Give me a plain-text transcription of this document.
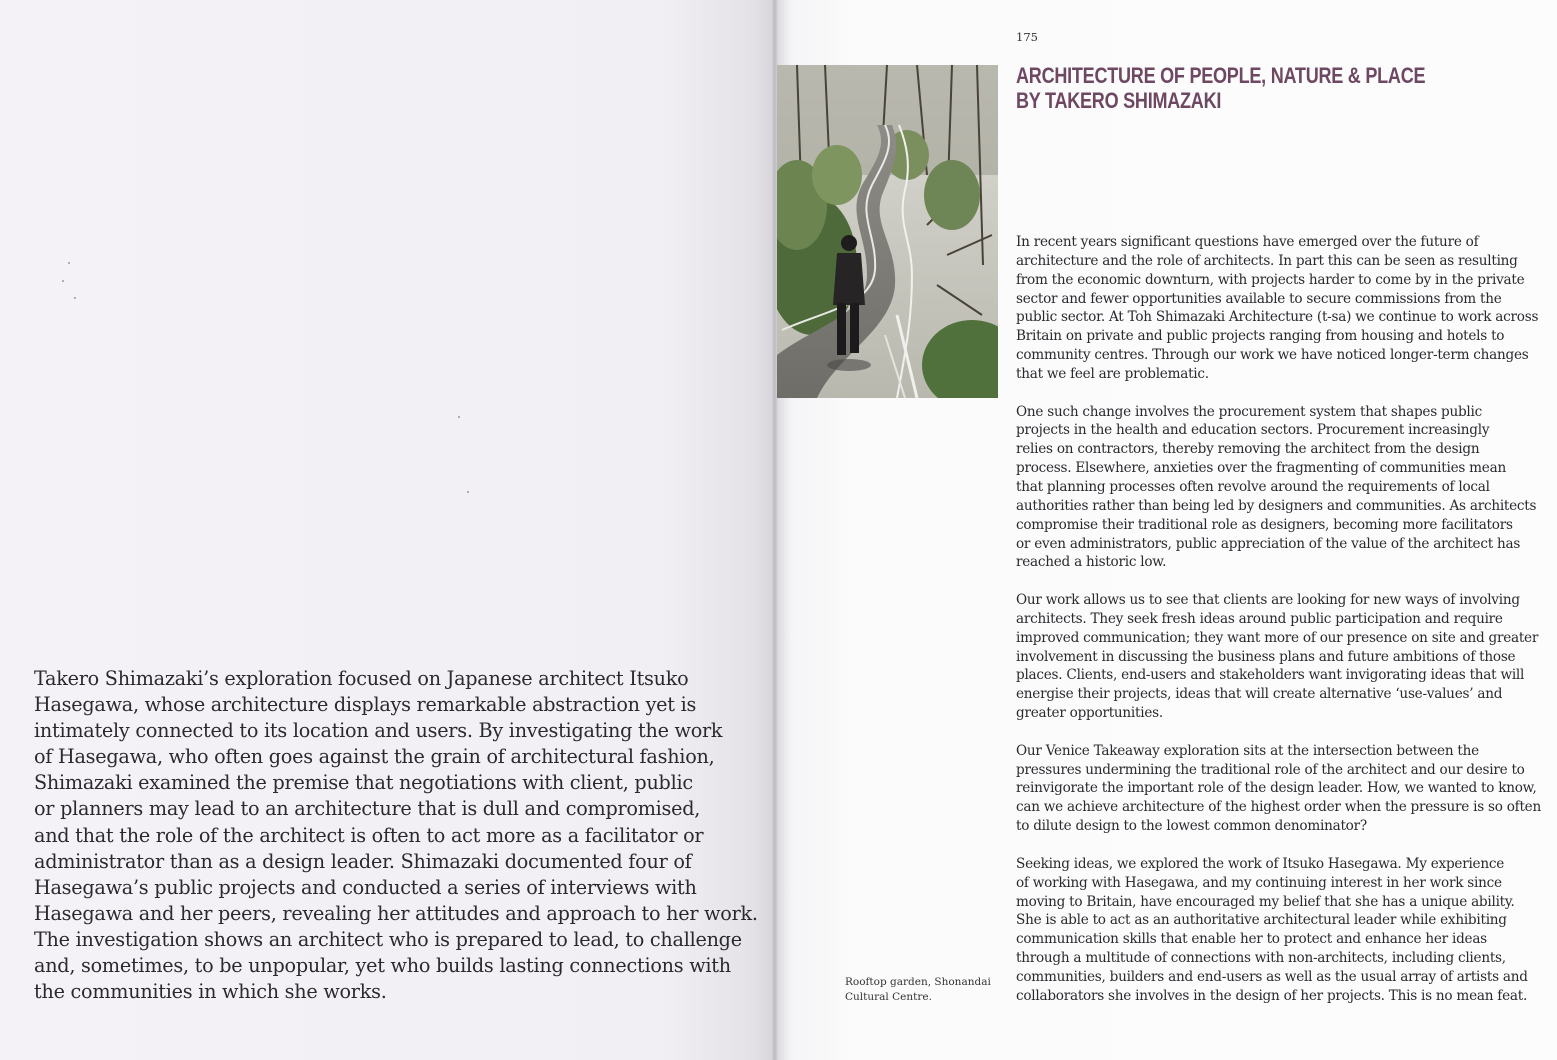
Takero Shimazaki’s exploration focused on Japanese architect Itsuko
Hasegawa, whose architecture displays remarkable abstraction yet is
intimately connected to its location and users. By investigating the work
of Hasegawa, who often goes against the grain of architectural fashion,
Shimazaki examined the premise that negotiations with client, public
or planners may lead to an architecture that is dull and compromised,
and that the role of the architect is often to act more as a facilitator or
administrator than as a design leader. Shimazaki documented four of
Hasegawa’s public projects and conducted a series of interviews with
Hasegawa and her peers, revealing her attitudes and approach to her work.
The investigation shows an architect who is prepared to lead, to challenge
and, sometimes, to be unpopular, yet who builds lasting connections with
the communities in which she works.
175
ARCHITECTURE OF PEOPLE, NATURE & PLACE
BY TAKERO SHIMAZAKI
Rooftop garden, Shonandai
Cultural Centre.

In recent years significant questions have emerged over the future of
architecture and the role of architects. In part this can be seen as resulting
from the economic downturn, with projects harder to come by in the private
sector and fewer opportunities available to secure commissions from the
public sector. At Toh Shimazaki Architecture (t-sa) we continue to work across
Britain on private and public projects ranging from housing and hotels to
community centres. Through our work we have noticed longer-term changes
that we feel are problematic.

One such change involves the procurement system that shapes public
projects in the health and education sectors. Procurement increasingly
relies on contractors, thereby removing the architect from the design
process. Elsewhere, anxieties over the fragmenting of communities mean
that planning processes often revolve around the requirements of local
authorities rather than being led by designers and communities. As architects
compromise their traditional role as designers, becoming more facilitators
or even administrators, public appreciation of the value of the architect has
reached a historic low.

Our work allows us to see that clients are looking for new ways of involving
architects. They seek fresh ideas around public participation and require
improved communication; they want more of our presence on site and greater
involvement in discussing the business plans and future ambitions of those
places. Clients, end-users and stakeholders want invigorating ideas that will
energise their projects, ideas that will create alternative ‘use-values’ and
greater opportunities.

Our Venice Takeaway exploration sits at the intersection between the
pressures undermining the traditional role of the architect and our desire to
reinvigorate the important role of the design leader. How, we wanted to know,
can we achieve architecture of the highest order when the pressure is so often
to dilute design to the lowest common denominator?

Seeking ideas, we explored the work of Itsuko Hasegawa. My experience
of working with Hasegawa, and my continuing interest in her work since
moving to Britain, have encouraged my belief that she has a unique ability.
She is able to act as an authoritative architectural leader while exhibiting
communication skills that enable her to protect and enhance her ideas
through a multitude of connections with non-architects, including clients,
communities, builders and end-users as well as the usual array of artists and
collaborators she involves in the design of her projects. This is no mean feat.
